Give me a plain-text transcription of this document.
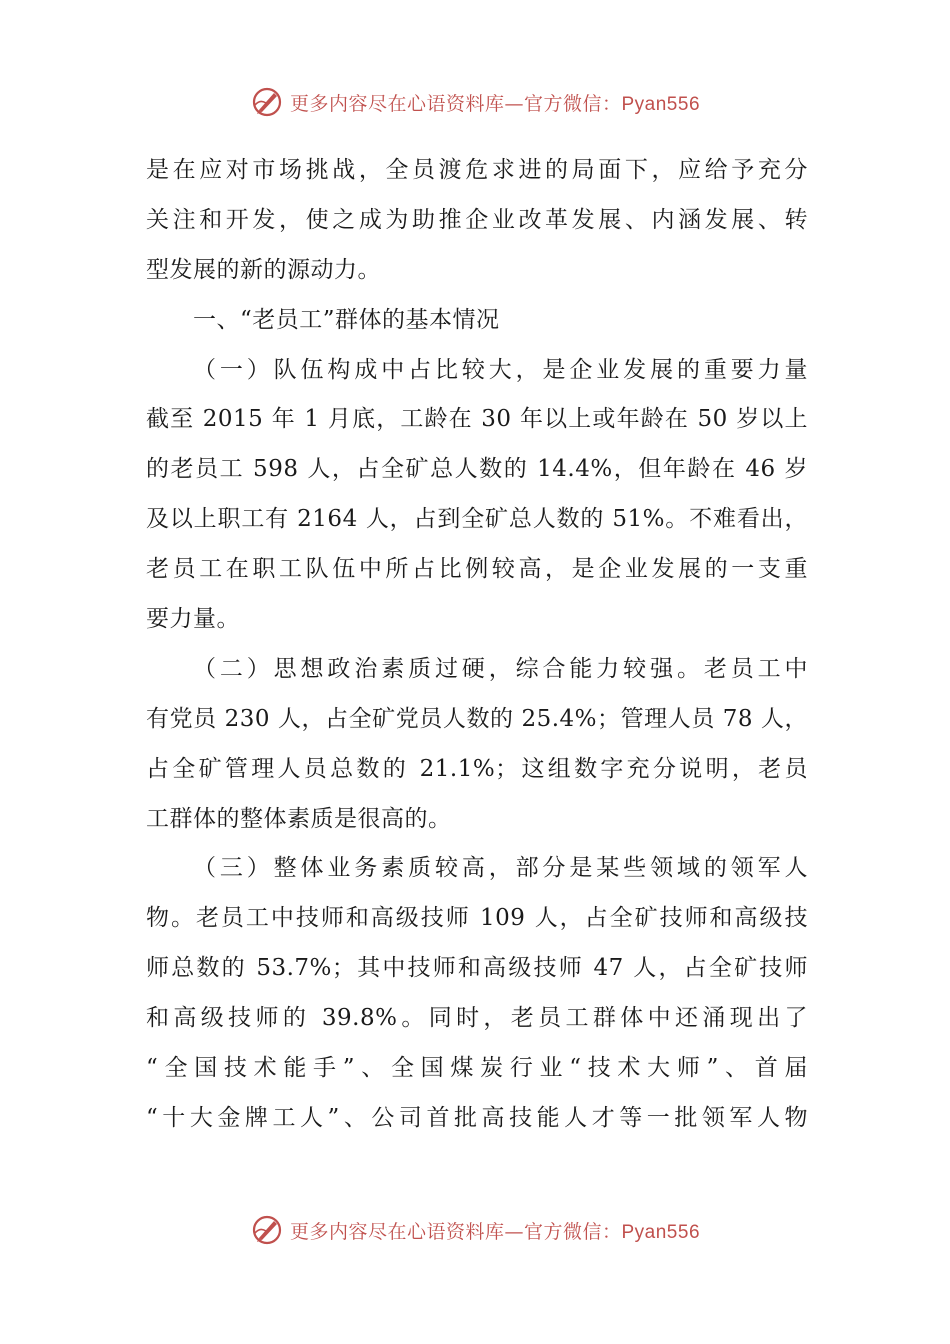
更多内容尽在心语资料库—官方微信：Pyan556
是在应对市场挑战，全员渡危求进的局面下，应给予充分
关注和开发，使之成为助推企业改革发展、内涵发展、转
型发展的新的源动力。
一、“老员工”群体的基本情况
（一）队伍构成中占比较大，是企业发展的重要力量
截至 2015 年 1 月底，工龄在 30 年以上或年龄在 50 岁以上
的老员工 598 人，占全矿总人数的 14.4%，但年龄在 46 岁
及以上职工有 2164 人，占到全矿总人数的 51%。不难看出，
老员工在职工队伍中所占比例较高，是企业发展的一支重
要力量。
（二）思想政治素质过硬，综合能力较强。老员工中
有党员 230 人，占全矿党员人数的 25.4%；管理人员 78 人，
占全矿管理人员总数的 21.1%；这组数字充分说明，老员
工群体的整体素质是很高的。
（三）整体业务素质较高，部分是某些领域的领军人
物。老员工中技师和高级技师 109 人，占全矿技师和高级技
师总数的 53.7%；其中技师和高级技师 47 人，占全矿技师
和高级技师的 39.8%。同时，老员工群体中还涌现出了
“全国技术能手”、全国煤炭行业“技术大师”、首届
“十大金牌工人”、公司首批高技能人才等一批领军人物
更多内容尽在心语资料库—官方微信：Pyan556
